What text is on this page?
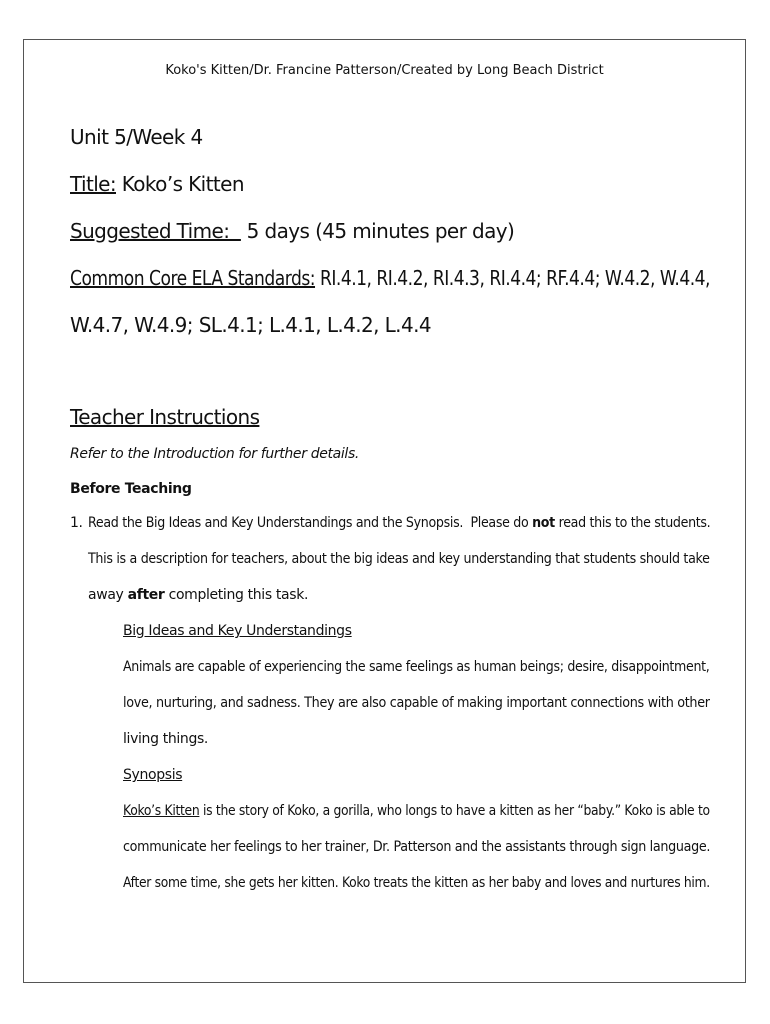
Koko's Kitten/Dr. Francine Patterson/Created by Long Beach District
Unit 5/Week 4
Title: Koko’s Kitten
Suggested Time:   5 days (45 minutes per day)
Common Core ELA Standards: RI.4.1, RI.4.2, RI.4.3, RI.4.4; RF.4.4; W.4.2, W.4.4,
W.4.7, W.4.9; SL.4.1; L.4.1, L.4.2, L.4.4
Teacher Instructions
Refer to the Introduction for further details.
Before Teaching
1. Read the Big Ideas and Key Understandings and the Synopsis.  Please do not read this to the students.
This is a description for teachers, about the big ideas and key understanding that students should take
away after completing this task.
Big Ideas and Key Understandings
Animals are capable of experiencing the same feelings as human beings; desire, disappointment,
love, nurturing, and sadness. They are also capable of making important connections with other
living things.
Synopsis
Koko’s Kitten is the story of Koko, a gorilla, who longs to have a kitten as her “baby.” Koko is able to
communicate her feelings to her trainer, Dr. Patterson and the assistants through sign language.
After some time, she gets her kitten. Koko treats the kitten as her baby and loves and nurtures him.
